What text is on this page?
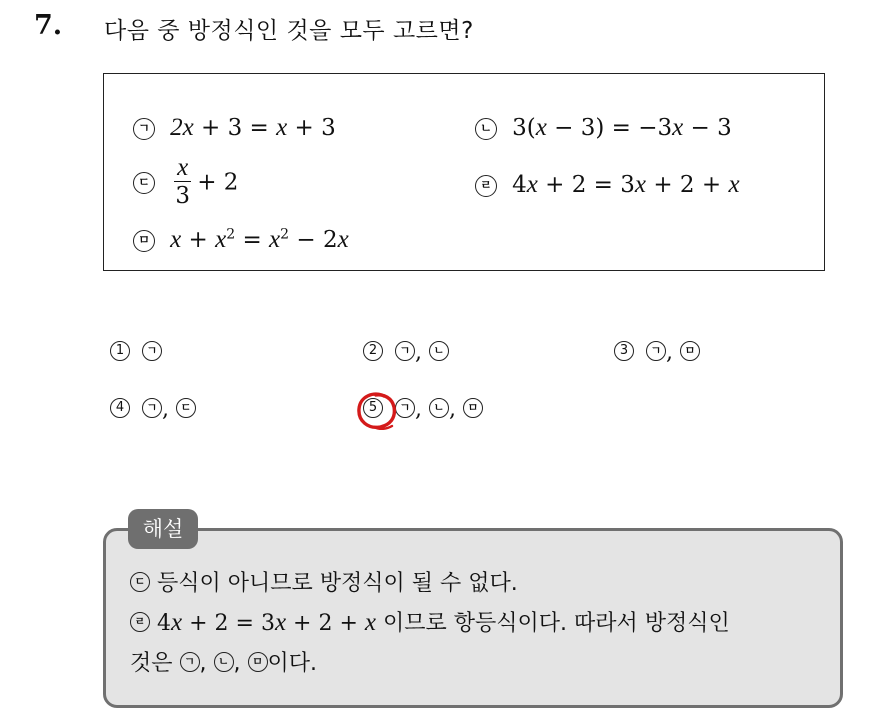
7. 다음 중 방정식인 것을 모두 고르면?
ㄱ 2x + 3 = x + 3	ㄴ 3(x − 3) = −3x − 3
ㄷ $\frac{x}{3} + 2$	ㄹ 4x + 2 = 3x + 2 + x
ㅁ $x + x^2 = x^2 - 2x$
1 ㄱ	2 ㄱ , ㄴ	3 ㄱ , ㅁ
4 ㄱ , ㄷ	5 ㄱ , ㄴ , ㅁ
해설
ㄷ 등식이 아니므로 방정식이 될 수 없다.
ㄹ 4x + 2 = 3x + 2 + x 이므로 항등식이다. 따라서 방정식인
것은 ㄱ , ㄴ , ㅁ 이다.
